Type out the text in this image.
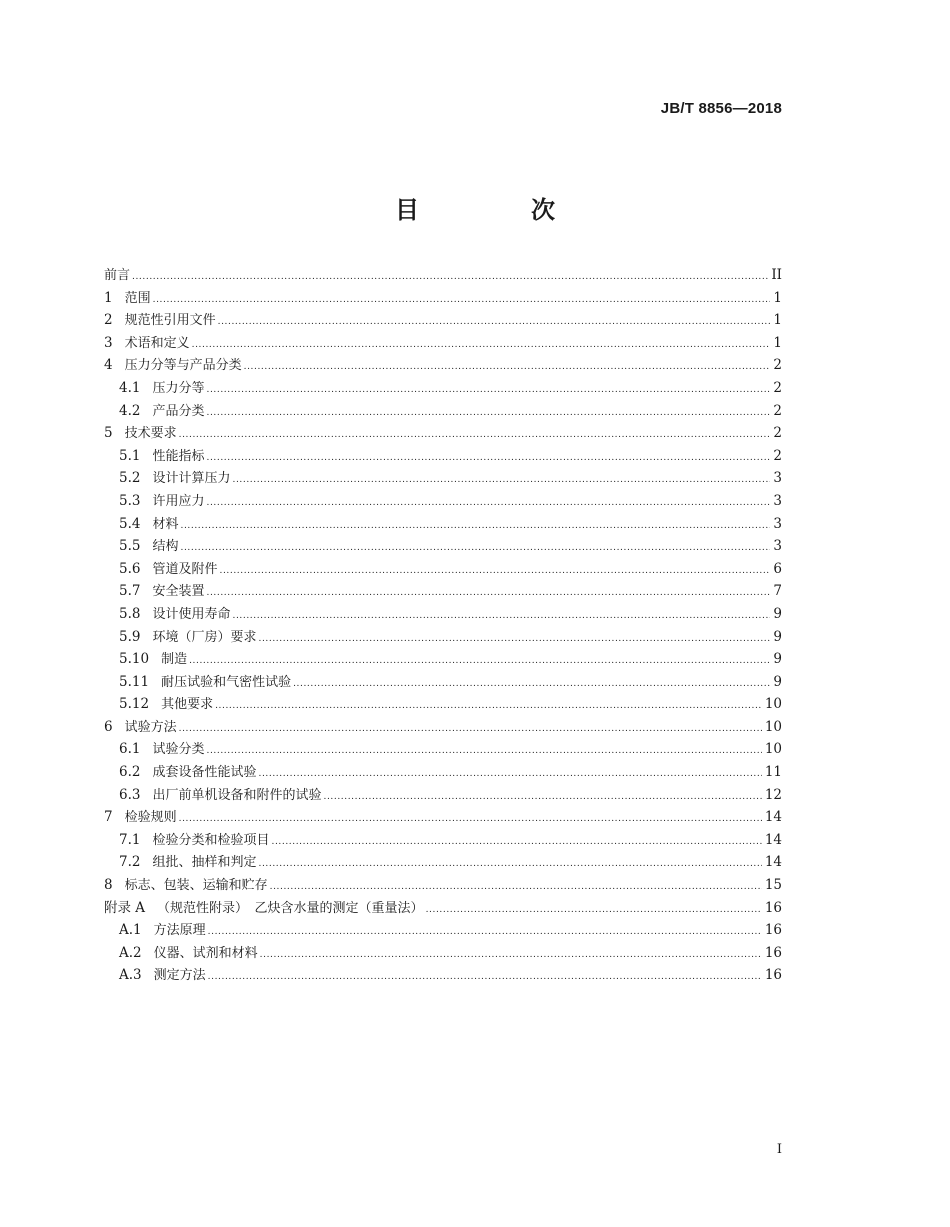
JB/T 8856—2018
目　次
前言 .....	II
1 范围 .....	1
2 规范性引用文件 .....	1
3 术语和定义 .....	1
4 压力分等与产品分类 .....	2
4.1 压力分等 .....	2
4.2 产品分类 .....	2
5 技术要求 .....	2
5.1 性能指标 .....	2
5.2 设计计算压力 .....	3
5.3 许用应力 .....	3
5.4 材料 .....	3
5.5 结构 .....	3
5.6 管道及附件 .....	6
5.7 安全装置 .....	7
5.8 设计使用寿命 .....	9
5.9 环境（厂房）要求 .....	9
5.10 制造 .....	9
5.11 耐压试验和气密性试验 .....	9
5.12 其他要求 .....	10
6 试验方法 .....	10
6.1 试验分类 .....	10
6.2 成套设备性能试验 .....	11
6.3 出厂前单机设备和附件的试验 .....	12
7 检验规则 .....	14
7.1 检验分类和检验项目 .....	14
7.2 组批、抽样和判定 .....	14
8 标志、包装、运输和贮存 .....	15
附录 A （规范性附录）　乙炔含水量的测定（重量法） .....	16
A.1 方法原理 .....	16
A.2 仪器、试剂和材料 .....	16
A.3 测定方法 .....	16
I
